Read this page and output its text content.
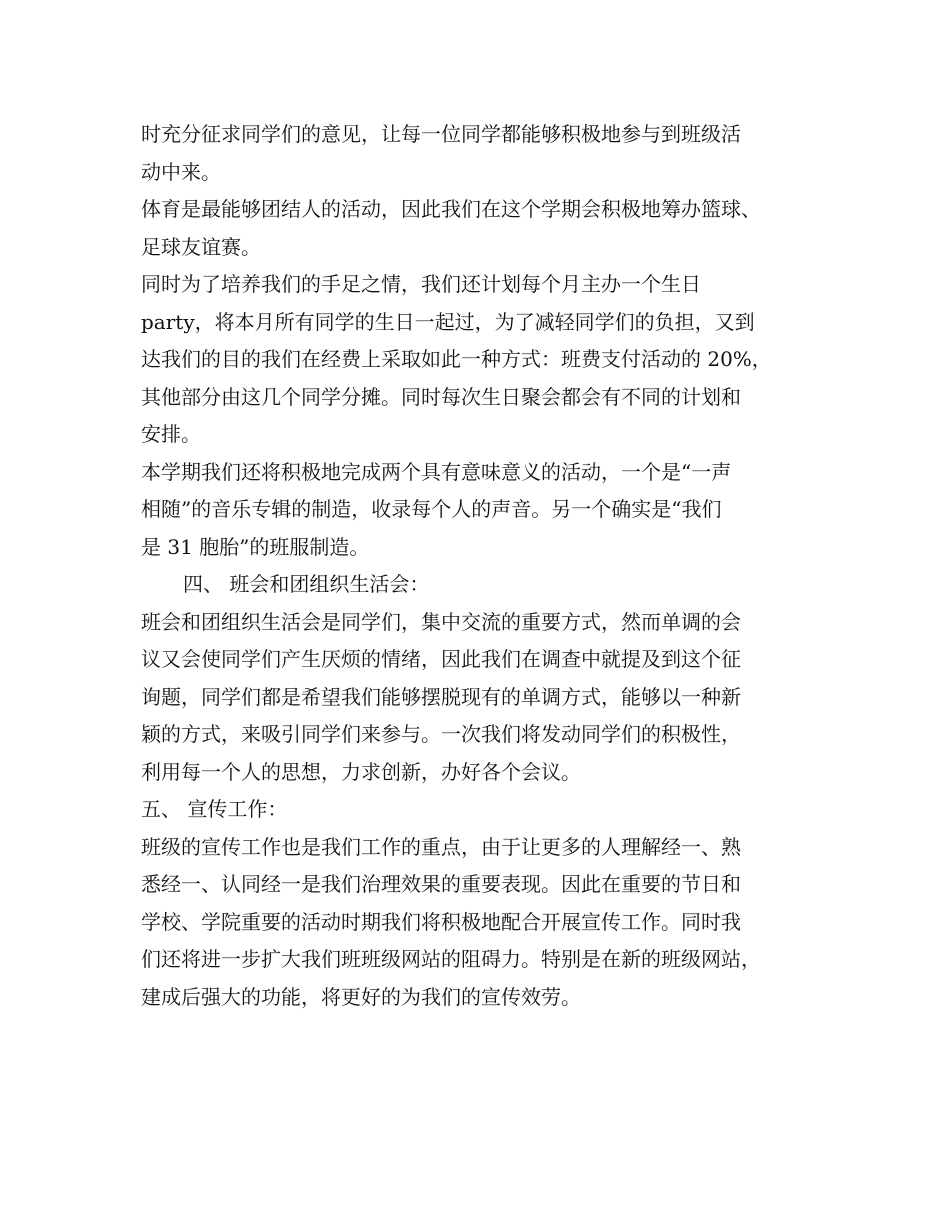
时充分征求同学们的意见，让每一位同学都能够积极地参与到班级活
动中来。
体育是最能够团结人的活动，因此我们在这个学期会积极地筹办篮球、
足球友谊赛。
同时为了培养我们的手足之情，我们还计划每个月主办一个生日
party，将本月所有同学的生日一起过，为了减轻同学们的负担，又到
达我们的目的我们在经费上采取如此一种方式：班费支付活动的 20%，
其他部分由这几个同学分摊。同时每次生日聚会都会有不同的计划和
安排。
本学期我们还将积极地完成两个具有意味意义的活动，一个是“一声
相随”的音乐专辑的制造，收录每个人的声音。另一个确实是“我们
是 31 胞胎”的班服制造。
四、 班会和团组织生活会：
班会和团组织生活会是同学们，集中交流的重要方式，然而单调的会
议又会使同学们产生厌烦的情绪，因此我们在调查中就提及到这个征
询题，同学们都是希望我们能够摆脱现有的单调方式，能够以一种新
颖的方式，来吸引同学们来参与。一次我们将发动同学们的积极性，
利用每一个人的思想，力求创新，办好各个会议。
五、 宣传工作：
班级的宣传工作也是我们工作的重点，由于让更多的人理解经一、熟
悉经一、认同经一是我们治理效果的重要表现。因此在重要的节日和
学校、学院重要的活动时期我们将积极地配合开展宣传工作。同时我
们还将进一步扩大我们班班级网站的阻碍力。特别是在新的班级网站，
建成后强大的功能，将更好的为我们的宣传效劳。
